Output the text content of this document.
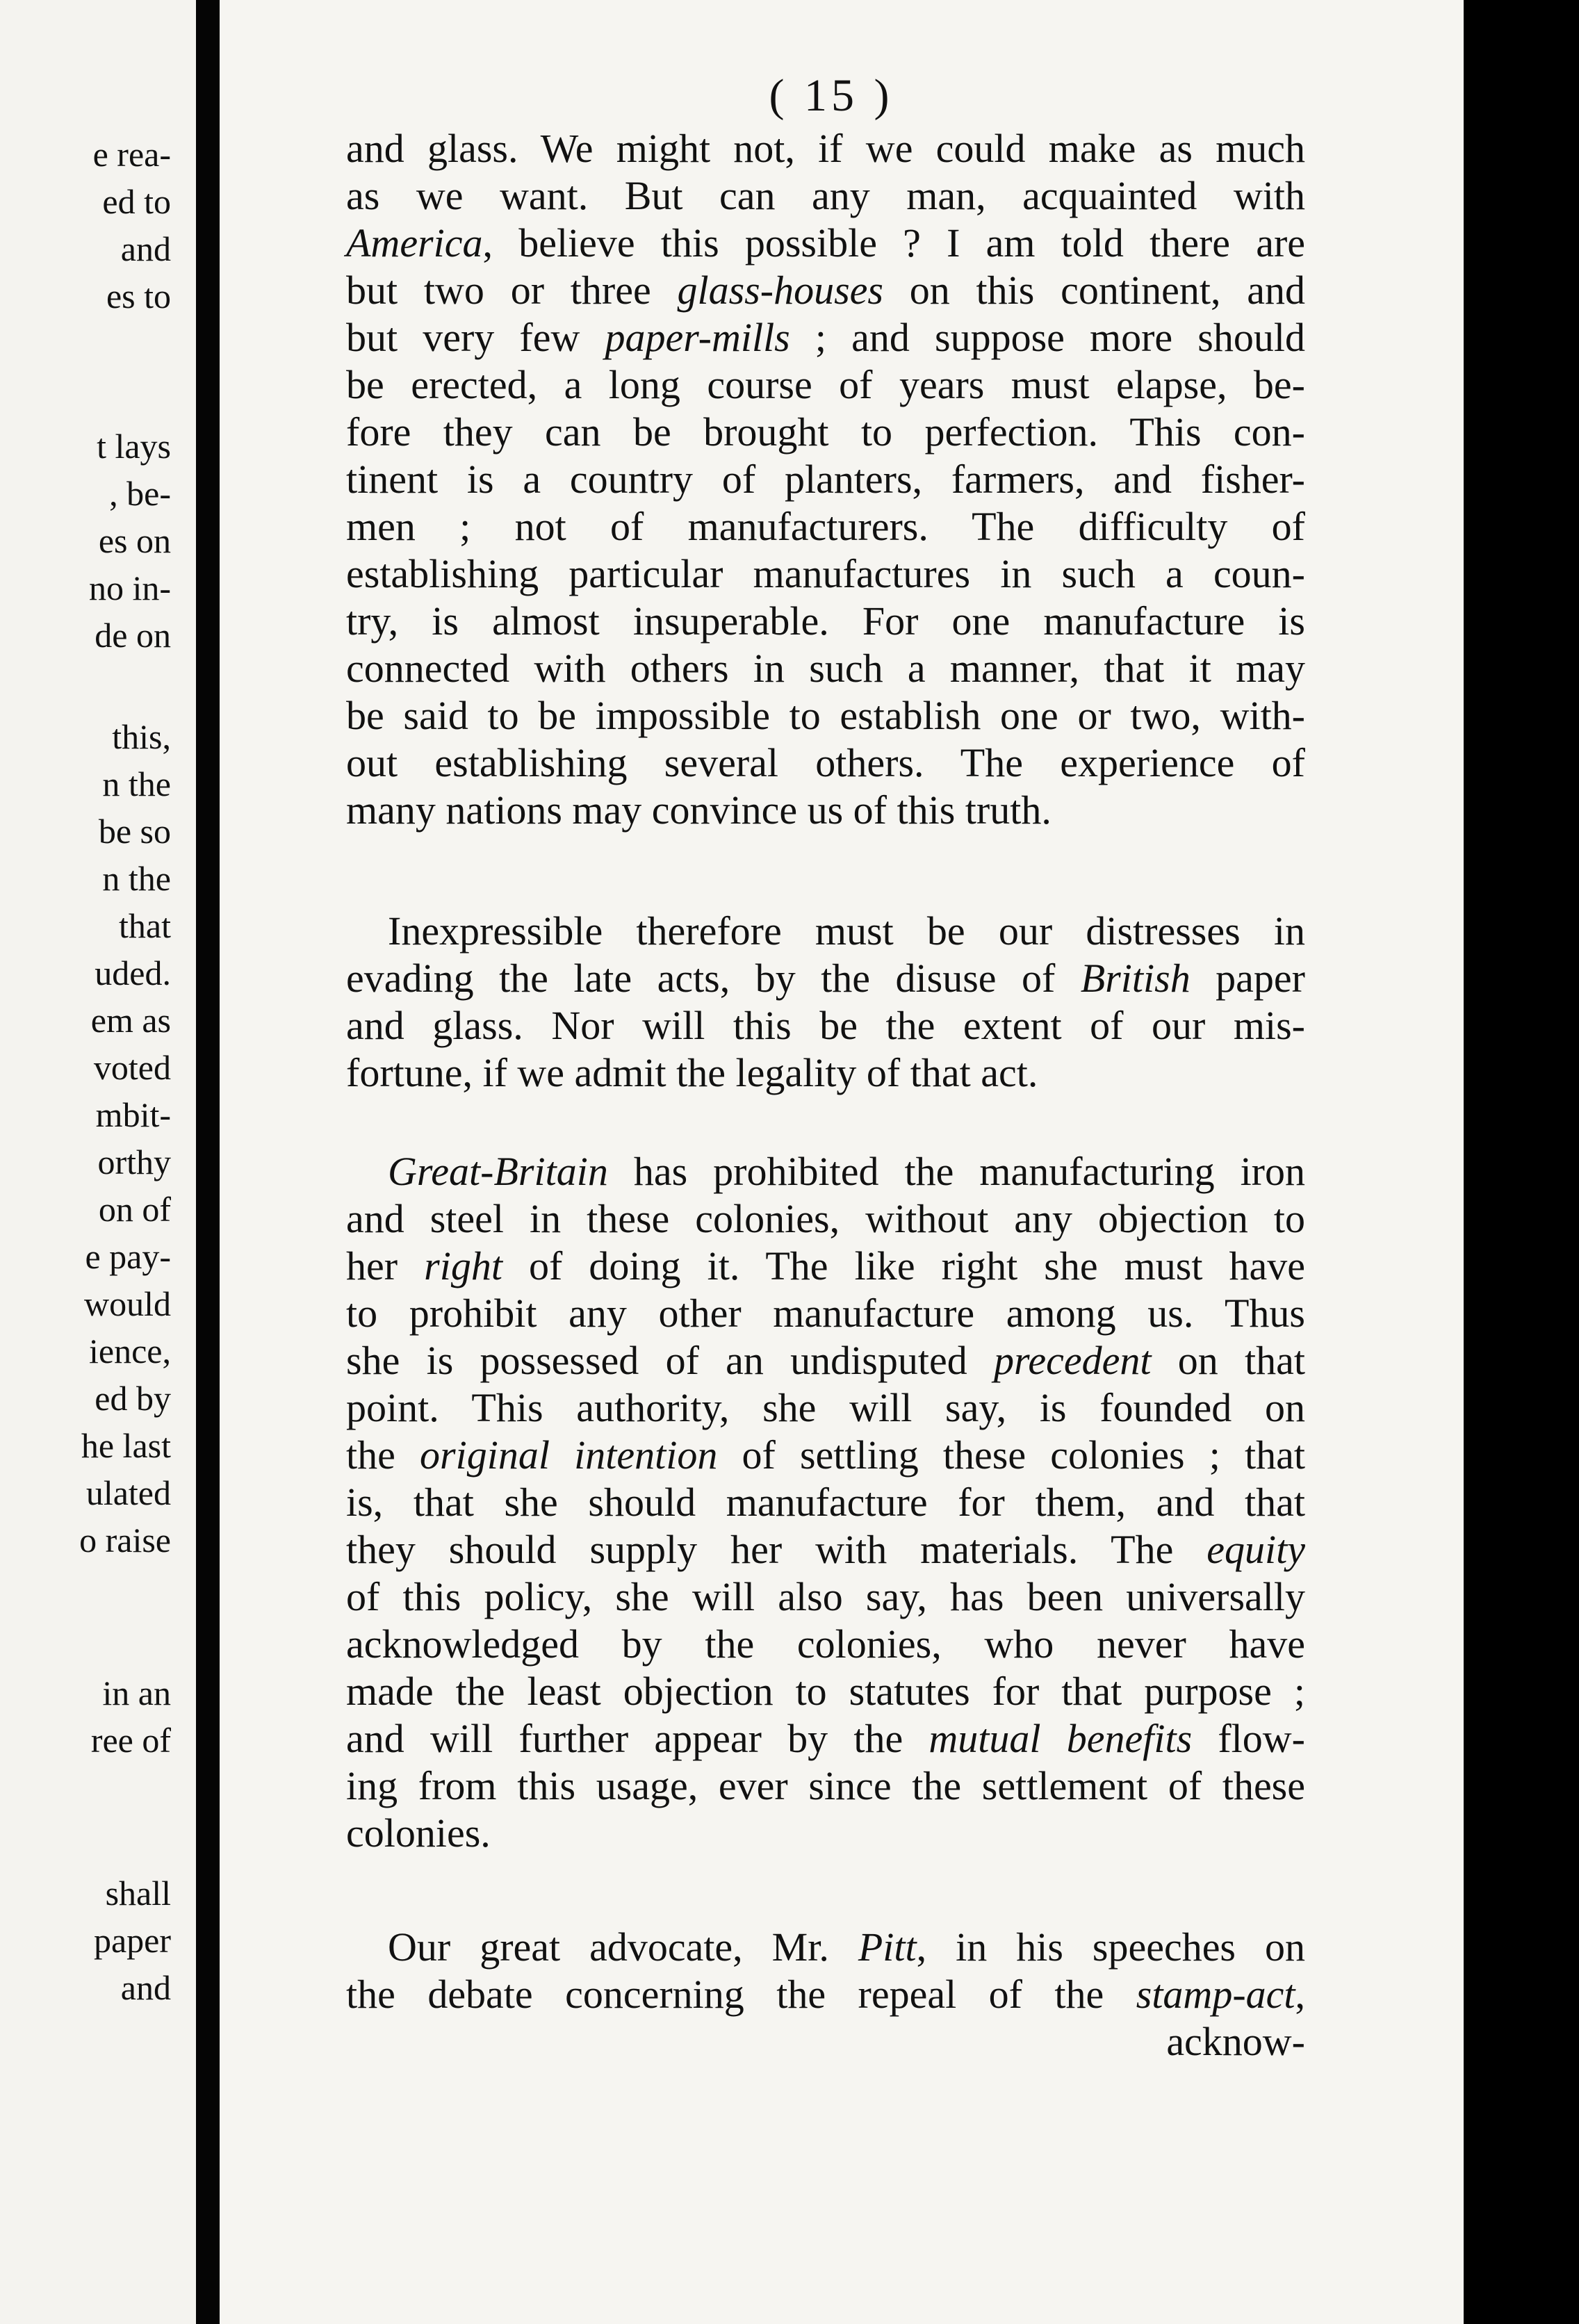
e rea-
ed to
and
es to
t lays
, be-
es on
no in-
de on
this,
n the
be so
n the
that
uded.
em as
voted
mbit-
orthy
on of
e pay-
would
ience,
ed by
he last
ulated
o raise
in an
ree of
shall
paper
and
( 15 )
and glass. We might not, if we could make as much
as we want. But can any man, acquainted with
America, believe this possible ? I am told there are
but two or three glass-houses on this continent, and
but very few paper-mills ; and suppose more should
be erected, a long course of years must elapse, be-
fore they can be brought to perfection. This con-
tinent is a country of planters, farmers, and fisher-
men ; not of manufacturers. The difficulty of
establishing particular manufactures in such a coun-
try, is almost insuperable. For one manufacture is
connected with others in such a manner, that it may
be said to be impossible to establish one or two, with-
out establishing several others. The experience of
many nations may convince us of this truth.
Inexpressible therefore must be our distresses in
evading the late acts, by the disuse of British paper
and glass. Nor will this be the extent of our mis-
fortune, if we admit the legality of that act.
Great-Britain has prohibited the manufacturing iron
and steel in these colonies, without any objection to
her right of doing it. The like right she must have
to prohibit any other manufacture among us. Thus
she is possessed of an undisputed precedent on that
point. This authority, she will say, is founded on
the original intention of settling these colonies ; that
is, that she should manufacture for them, and that
they should supply her with materials. The equity
of this policy, she will also say, has been universally
acknowledged by the colonies, who never have
made the least objection to statutes for that purpose ;
and will further appear by the mutual benefits flow-
ing from this usage, ever since the settlement of these
colonies.
Our great advocate, Mr. Pitt, in his speeches on
the debate concerning the repeal of the stamp-act,
acknow-
